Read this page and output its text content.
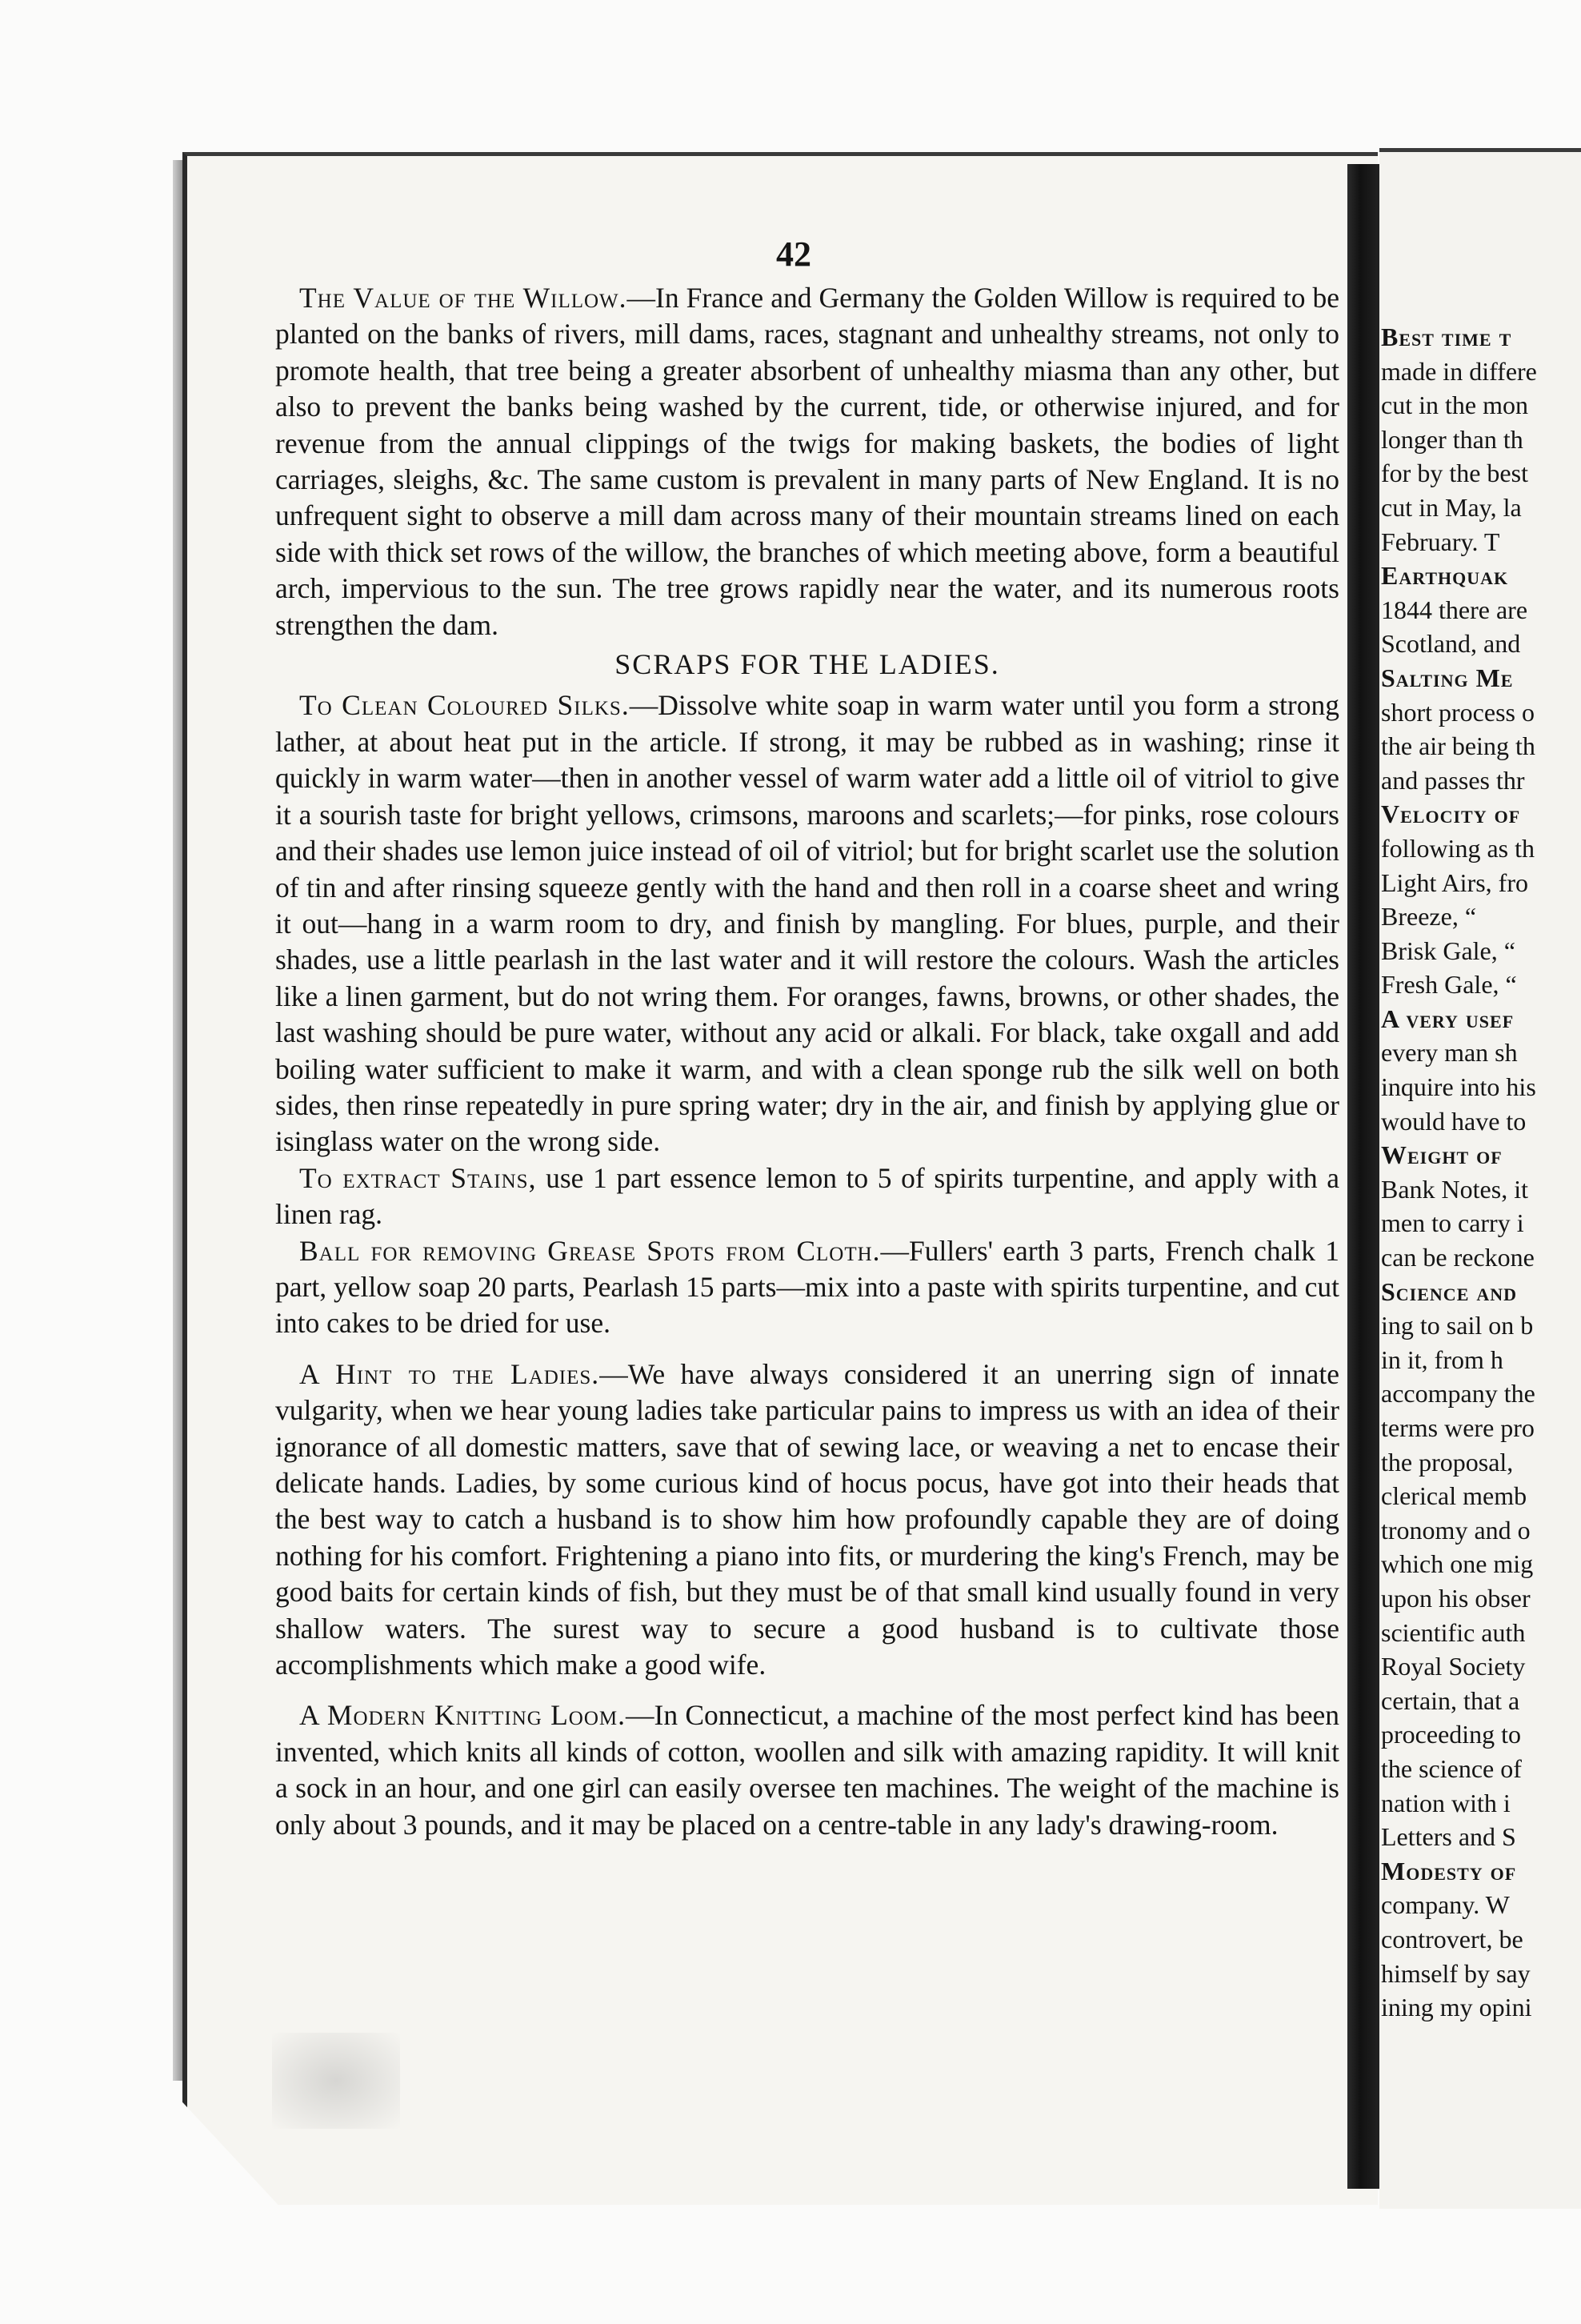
42

The Value of the Willow.—In France and Germany the Golden Willow is required to be planted on the banks of rivers, mill dams, races, stagnant and unhealthy streams, not only to promote health, that tree being a greater absorbent of unhealthy miasma than any other, but also to prevent the banks being washed by the current, tide, or otherwise injured, and for revenue from the annual clippings of the twigs for making baskets, the bodies of light carriages, sleighs, &c. The same custom is prevalent in many parts of New England. It is no unfrequent sight to observe a mill dam across many of their mountain streams lined on each side with thick set rows of the willow, the branches of which meeting above, form a beautiful arch, impervious to the sun. The tree grows rapidly near the water, and its numerous roots strengthen the dam.

SCRAPS FOR THE LADIES.

To Clean Coloured Silks.—Dissolve white soap in warm water until you form a strong lather, at about heat put in the article. If strong, it may be rubbed as in washing; rinse it quickly in warm water—then in another vessel of warm water add a little oil of vitriol to give it a sourish taste for bright yellows, crimsons, maroons and scarlets;—for pinks, rose colours and their shades use lemon juice instead of oil of vitriol; but for bright scarlet use the solution of tin and after rinsing squeeze gently with the hand and then roll in a coarse sheet and wring it out—hang in a warm room to dry, and finish by mangling. For blues, purple, and their shades, use a little pearlash in the last water and it will restore the colours. Wash the articles like a linen garment, but do not wring them. For oranges, fawns, browns, or other shades, the last washing should be pure water, without any acid or alkali. For black, take oxgall and add boiling water sufficient to make it warm, and with a clean sponge rub the silk well on both sides, then rinse repeatedly in pure spring water; dry in the air, and finish by applying glue or isinglass water on the wrong side.

To extract Stains, use 1 part essence lemon to 5 of spirits turpentine, and apply with a linen rag.

Ball for removing Grease Spots from Cloth.—Fullers' earth 3 parts, French chalk 1 part, yellow soap 20 parts, Pearlash 15 parts—mix into a paste with spirits turpentine, and cut into cakes to be dried for use.

A Hint to the Ladies.—We have always considered it an unerring sign of innate vulgarity, when we hear young ladies take particular pains to impress us with an idea of their ignorance of all domestic matters, save that of sewing lace, or weaving a net to encase their delicate hands. Ladies, by some curious kind of hocus pocus, have got into their heads that the best way to catch a husband is to show him how profoundly capable they are of doing nothing for his comfort. Frightening a piano into fits, or murdering the king's French, may be good baits for certain kinds of fish, but they must be of that small kind usually found in very shallow waters. The surest way to secure a good husband is to cultivate those accomplishments which make a good wife.

A Modern Knitting Loom.—In Connecticut, a machine of the most perfect kind has been invented, which knits all kinds of cotton, woollen and silk with amazing rapidity. It will knit a sock in an hour, and one girl can easily oversee ten machines. The weight of the machine is only about 3 pounds, and it may be placed on a centre-table in any lady's drawing-room.

Best time t
made in differe
cut in the mon
longer than th
for by the best
cut in May, la
February. T
Earthquak
1844 there are
Scotland, and
Salting Me
short process o
the air being th
and passes thr
Velocity of
following as th
Light Airs, fro
Breeze, “
Brisk Gale, “
Fresh Gale, “
A very usef
every man sh
inquire into his
would have to
Weight of
Bank Notes, it
men to carry i
can be reckone
Science and
ing to sail on b
in it, from h
accompany the
terms were pro
the proposal,
clerical memb
tronomy and o
which one mig
upon his obser
scientific auth
Royal Society
certain, that a
proceeding to
the science of
nation with i
Letters and S
Modesty of
company. W
controvert, be
himself by say
ining my opini
